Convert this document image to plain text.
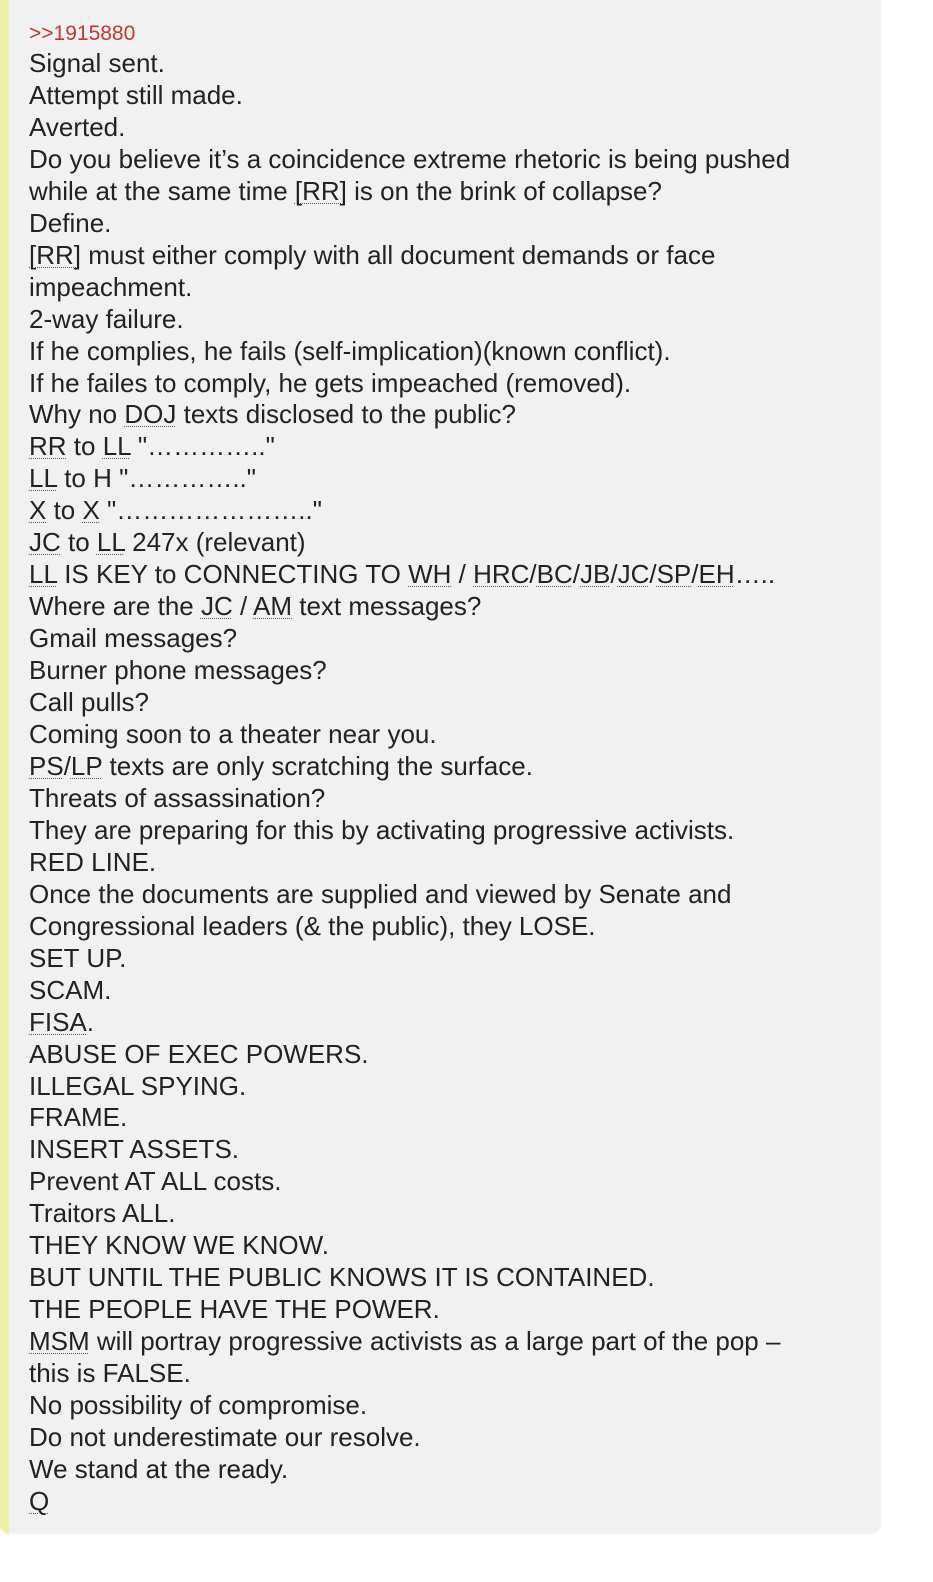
>>1915880
Signal sent.
Attempt still made.
Averted.
Do you believe it’s a coincidence extreme rhetoric is being pushed
while at the same time [RR] is on the brink of collapse?
Define.
[RR] must either comply with all document demands or face
impeachment.
2-way failure.
If he complies, he fails (self-implication)(known conflict).
If he failes to comply, he gets impeached (removed).
Why no DOJ texts disclosed to the public?
RR to LL "………….."
LL to H "………….."
X to X "………………….."
JC to LL 247x (relevant)
LL IS KEY to CONNECTING TO WH / HRC/BC/JB/JC/SP/EH…..
Where are the JC / AM text messages?
Gmail messages?
Burner phone messages?
Call pulls?
Coming soon to a theater near you.
PS/LP texts are only scratching the surface.
Threats of assassination?
They are preparing for this by activating progressive activists.
RED LINE.
Once the documents are supplied and viewed by Senate and
Congressional leaders (& the public), they LOSE.
SET UP.
SCAM.
FISA.
ABUSE OF EXEC POWERS.
ILLEGAL SPYING.
FRAME.
INSERT ASSETS.
Prevent AT ALL costs.
Traitors ALL.
THEY KNOW WE KNOW.
BUT UNTIL THE PUBLIC KNOWS IT IS CONTAINED.
THE PEOPLE HAVE THE POWER.
MSM will portray progressive activists as a large part of the pop –
this is FALSE.
No possibility of compromise.
Do not underestimate our resolve.
We stand at the ready.
Q
